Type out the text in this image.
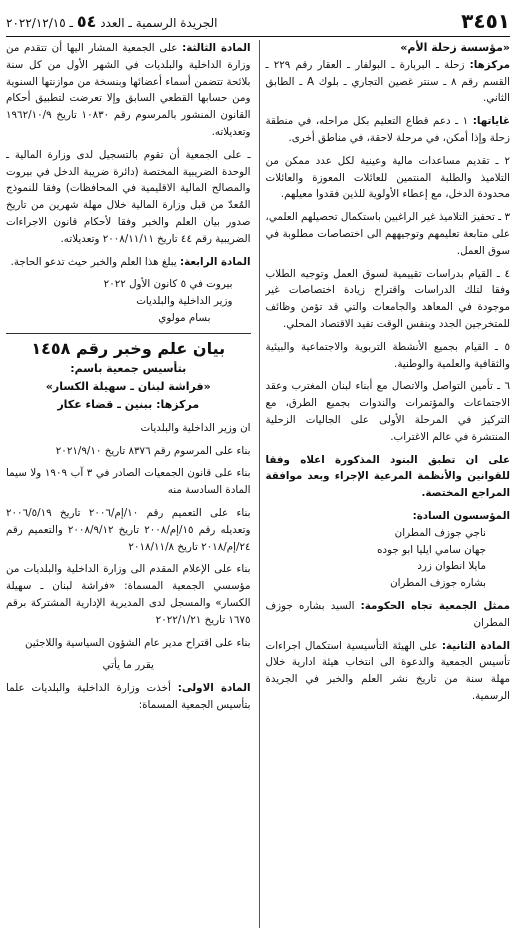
٣٤٥١
الجريدة الرسمية ـ العدد ٥٤ ـ ٢٠٢٢/١٢/١٥

«مؤسسة زحلة الأم»

مركزها: زحلة ـ البربارة ـ البولفار ـ العقار رقم ٢٢٩ ـ القسم رقم ٨ ـ سنتر غصين التجاري ـ بلوك A ـ الطابق الثاني.

غاياتها: ١ ـ دعم قطاع التعليم بكل مراحله، في منطقة زحلة وإذا أمكن، في مرحلة لاحقة، في مناطق أخرى.

٢ ـ تقديم مساعدات مالية وعينية لكل عدد ممكن من التلاميذ والطلبة المنتمين للعائلات المعوزة والعائلات محدودة الدخل، مع إعطاء الأولوية للذين فقدوا معيلهم.

٣ ـ تحفيز التلاميذ غير الراغبين باستكمال تحصيلهم العلمي، على متابعة تعليمهم وتوجيههم الى اختصاصات مطلوبة في سوق العمل.

٤ ـ القيام بدراسات تقييمية لسوق العمل وتوجيه الطلاب وفقا لتلك الدراسات واقتراح زيادة اختصاصات غير موجودة في المعاهد والجامعات والتي قد تؤمن وظائف للمتخرجين الجدد وبنفس الوقت تفيد الاقتصاد المحلي.

٥ ـ القيام بجميع الأنشطة التربوية والاجتماعية والبيئية والثقافية والعلمية والوطنية.

٦ ـ تأمين التواصل والاتصال مع أبناء لبنان المغترب وعقد الاجتماعات والمؤتمرات والندوات بجميع الطرق، مع التركيز في المرحلة الأولى على الجاليات الزحلية المنتشرة في عالم الاغتراب.

على ان تطبق البنود المذكورة اعلاه وفقا للقوانين والأنظمة المرعية الإجراء وبعد موافقة المراجع المختصة.

المؤسسون السادة:

ناجي جوزف المطران

جهان سامي ايليا ابو جوده

مايلا انطوان زرد

بشاره جوزف المطران

ممثل الجمعية تجاه الحكومة: السيد بشاره جوزف المطران

المادة الثانية: على الهيئة التأسيسية استكمال اجراءات تأسيس الجمعية والدعوة الى انتخاب هيئة ادارية خلال مهلة سنة من تاريخ نشر العلم والخبر في الجريدة الرسمية.

المادة الثالثة: على الجمعية المشار اليها أن تتقدم من وزارة الداخلية والبلديات في الشهر الأول من كل سنة بلائحة تتضمن أسماء أعضائها وبنسخة من موازنتها السنوية ومن حسابها القطعي السابق وإلا تعرضت لتطبيق أحكام القانون المنشور بالمرسوم رقم ١٠٨٣٠ تاريخ ١٩٦٢/١٠/٩ وتعديلاته.

ـ على الجمعية أن تقوم بالتسجيل لدى وزارة المالية ـ الوحدة الضريبية المختصة (دائرة ضريبة الدخل في بيروت والمصالح المالية الاقليمية في المحافظات) وفقا للنموذج المُعدّ من قبل وزارة المالية خلال مهلة شهرين من تاريخ صدور بيان العلم والخبر وفقا لأحكام قانون الاجراءات الضريبية رقم ٤٤ تاريخ ٢٠٠٨/١١/١١ وتعديلاته.

المادة الرابعة: يبلغ هذا العلم والخبر حيث تدعو الحاجة.

بيروت في ٥ كانون الأول ٢٠٢٢

وزير الداخلية والبلديات

بسام مولوي

بيان علم وخبر رقم ١٤٥٨

بتأسيس جمعية باسم:

«فراشة لبنان ـ سهيلة الكسار»

مركزها: ببنين ـ قضاء عكار

ان وزير الداخلية والبلديات

بناء على المرسوم رقم ٨٣٧٦ تاريخ ٢٠٢١/٩/١٠

بناء على قانون الجمعيات الصادر في ٣ آب ١٩٠٩ ولا سيما المادة السادسة منه

بناء على التعميم رقم ١٠/إم/٢٠٠٦ تاريخ ٢٠٠٦/٥/١٩ وتعديله رقم ١٥/إم/٢٠٠٨ تاريخ ٢٠٠٨/٩/١٢ والتعميم رقم ٢٤/إم/٢٠١٨ تاريخ ٢٠١٨/١١/٨

بناء على الإعلام المقدم الى وزارة الداخلية والبلديات من مؤسسي الجمعية المسماة: «فراشة لبنان ـ سهيلة الكسار» والمسجل لدى المديرية الإدارية المشتركة برقم ١٦٧٥ تاريخ ٢٠٢٢/١/٢١

بناء على اقتراح مدير عام الشؤون السياسية واللاجئين

يقرر ما يأتي

المادة الاولى: أخذت وزارة الداخلية والبلديات علما بتأسيس الجمعية المسماة:
